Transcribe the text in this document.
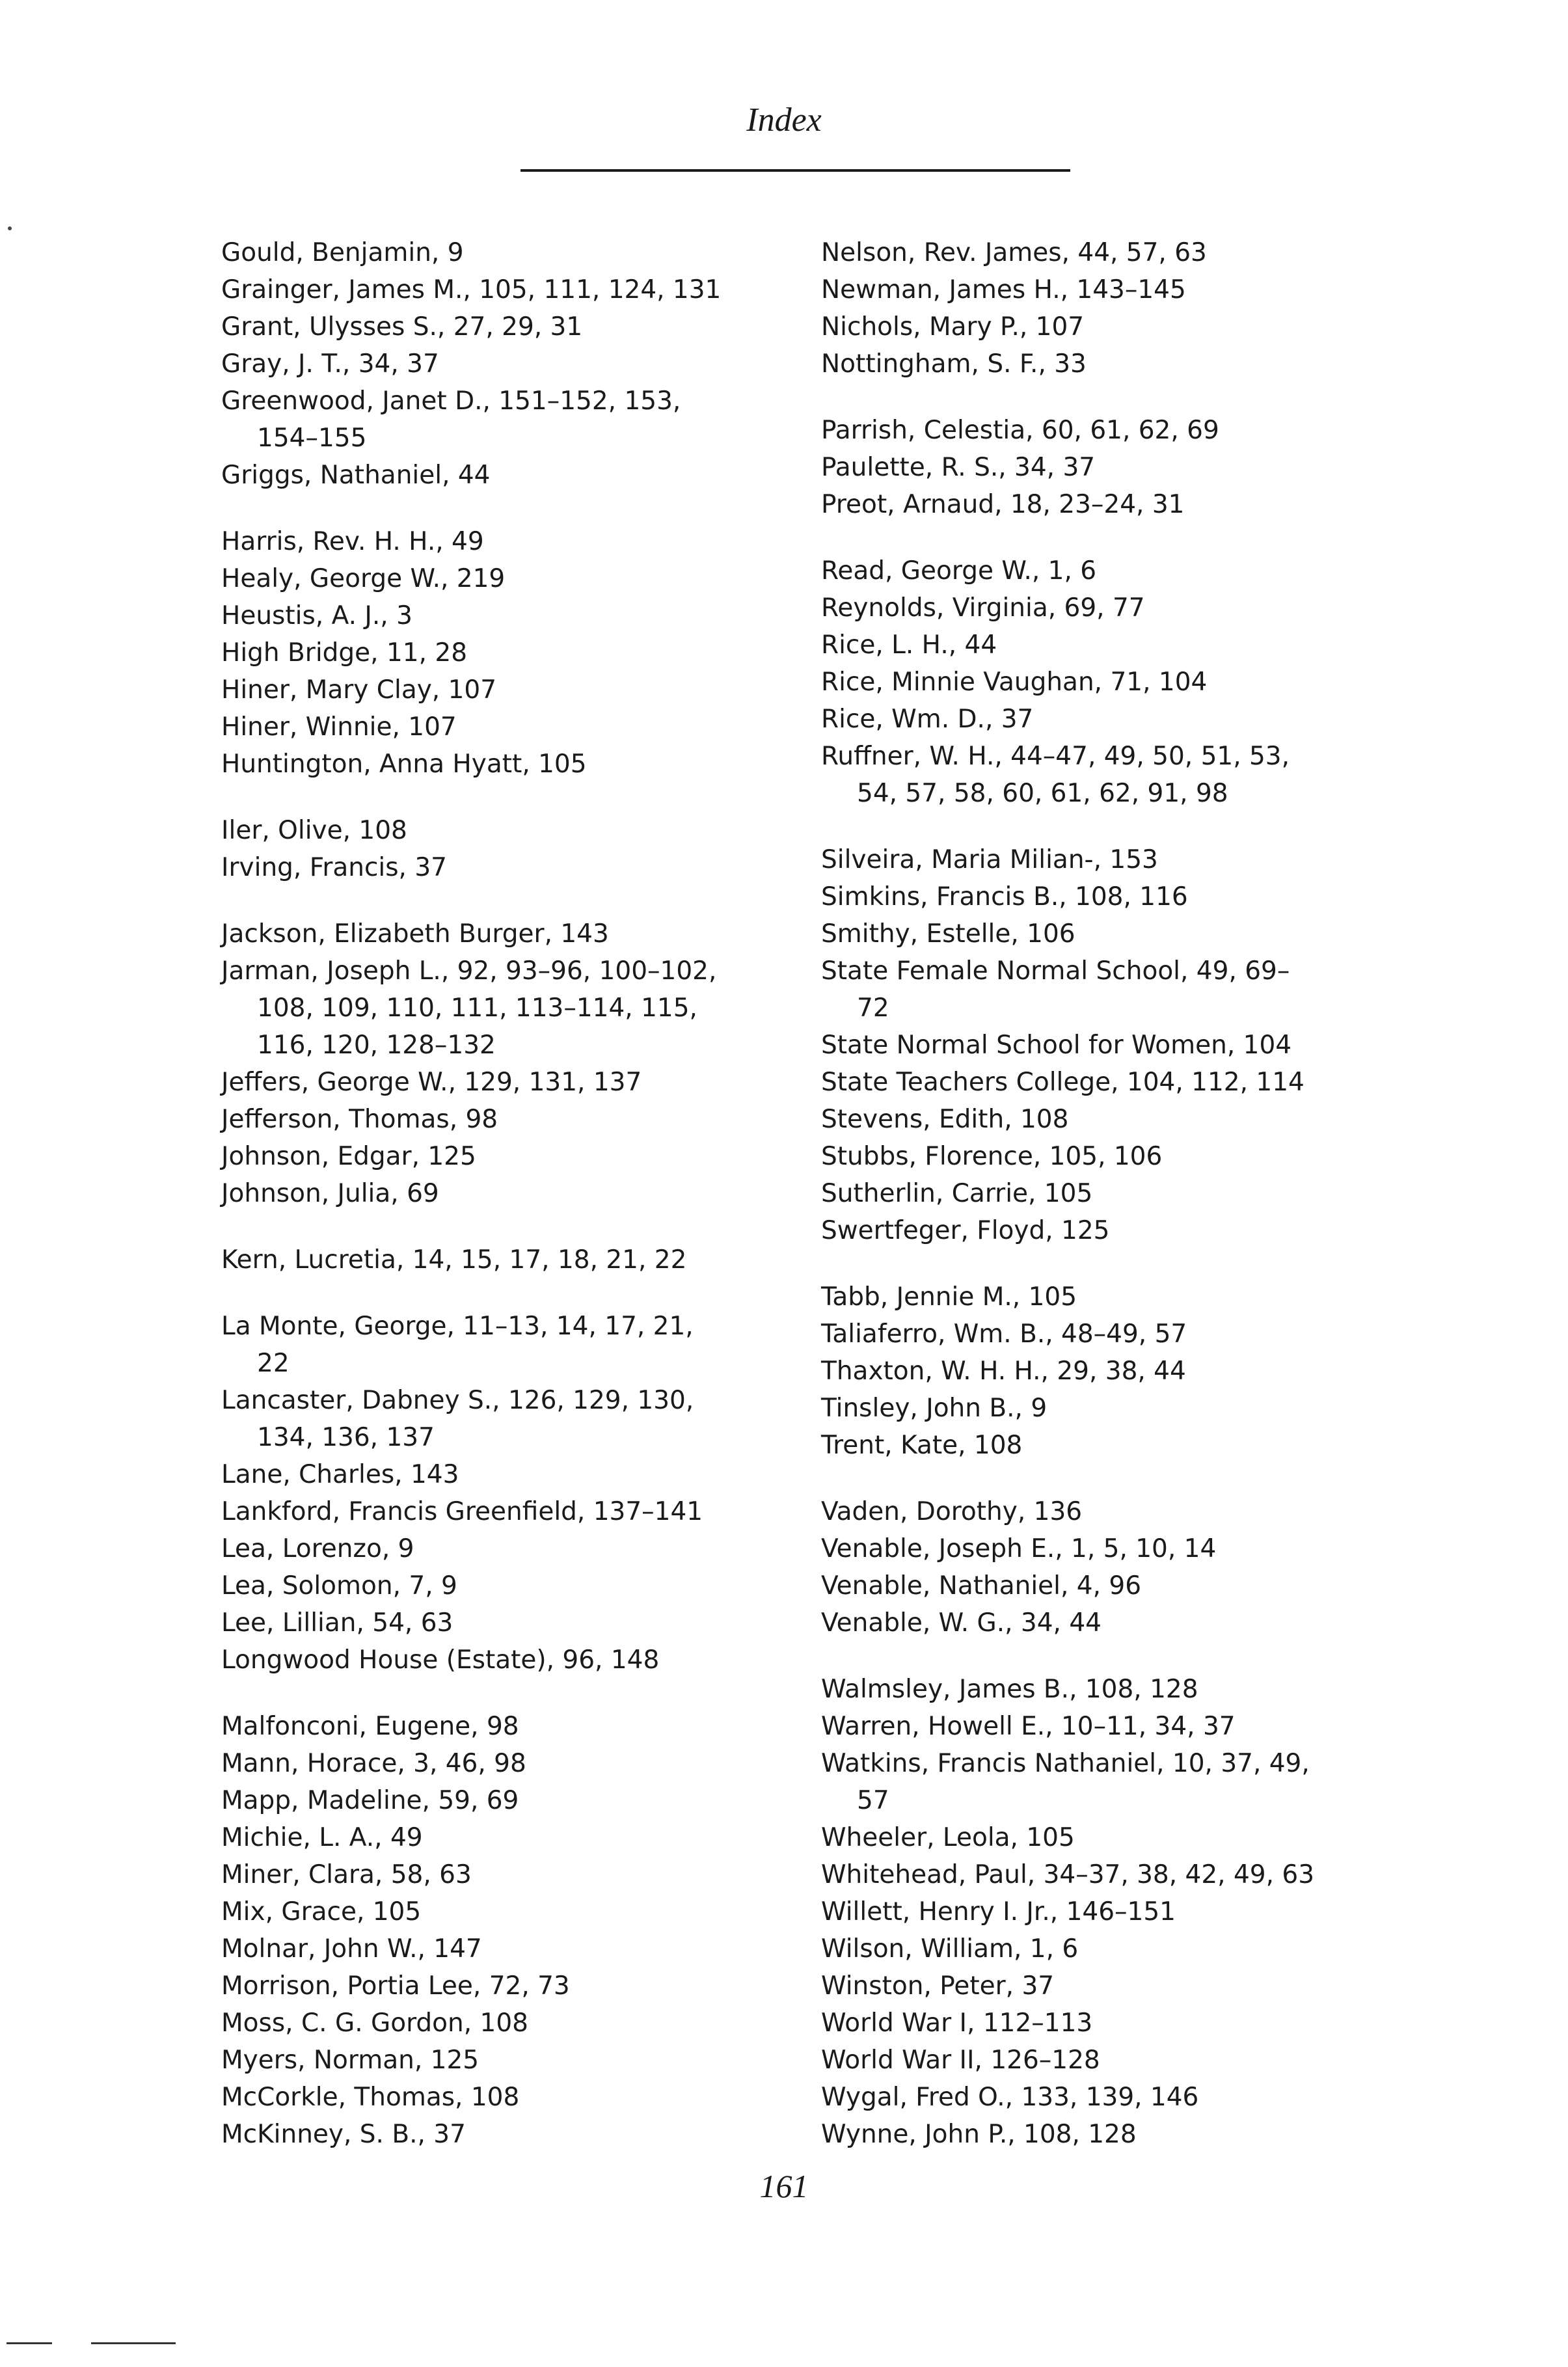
Index
Gould, Benjamin, 9
Grainger, James M., 105, 111, 124, 131
Grant, Ulysses S., 27, 29, 31
Gray, J. T., 34, 37
Greenwood, Janet D., 151–152, 153, 154–155
Griggs, Nathaniel, 44
Harris, Rev. H. H., 49
Healy, George W., 219
Heustis, A. J., 3
High Bridge, 11, 28
Hiner, Mary Clay, 107
Hiner, Winnie, 107
Huntington, Anna Hyatt, 105
Iler, Olive, 108
Irving, Francis, 37
Jackson, Elizabeth Burger, 143
Jarman, Joseph L., 92, 93–96, 100–102, 108, 109, 110, 111, 113–114, 115, 116, 120, 128–132
Jeffers, George W., 129, 131, 137
Jefferson, Thomas, 98
Johnson, Edgar, 125
Johnson, Julia, 69
Kern, Lucretia, 14, 15, 17, 18, 21, 22
La Monte, George, 11–13, 14, 17, 21, 22
Lancaster, Dabney S., 126, 129, 130, 134, 136, 137
Lane, Charles, 143
Lankford, Francis Greenfield, 137–141
Lea, Lorenzo, 9
Lea, Solomon, 7, 9
Lee, Lillian, 54, 63
Longwood House (Estate), 96, 148
Malfonconi, Eugene, 98
Mann, Horace, 3, 46, 98
Mapp, Madeline, 59, 69
Michie, L. A., 49
Miner, Clara, 58, 63
Mix, Grace, 105
Molnar, John W., 147
Morrison, Portia Lee, 72, 73
Moss, C. G. Gordon, 108
Myers, Norman, 125
McCorkle, Thomas, 108
McKinney, S. B., 37
Nelson, Rev. James, 44, 57, 63
Newman, James H., 143–145
Nichols, Mary P., 107
Nottingham, S. F., 33
Parrish, Celestia, 60, 61, 62, 69
Paulette, R. S., 34, 37
Preot, Arnaud, 18, 23–24, 31
Read, George W., 1, 6
Reynolds, Virginia, 69, 77
Rice, L. H., 44
Rice, Minnie Vaughan, 71, 104
Rice, Wm. D., 37
Ruffner, W. H., 44–47, 49, 50, 51, 53, 54, 57, 58, 60, 61, 62, 91, 98
Silveira, Maria Milian-, 153
Simkins, Francis B., 108, 116
Smithy, Estelle, 106
State Female Normal School, 49, 69–72
State Normal School for Women, 104
State Teachers College, 104, 112, 114
Stevens, Edith, 108
Stubbs, Florence, 105, 106
Sutherlin, Carrie, 105
Swertfeger, Floyd, 125
Tabb, Jennie M., 105
Taliaferro, Wm. B., 48–49, 57
Thaxton, W. H. H., 29, 38, 44
Tinsley, John B., 9
Trent, Kate, 108
Vaden, Dorothy, 136
Venable, Joseph E., 1, 5, 10, 14
Venable, Nathaniel, 4, 96
Venable, W. G., 34, 44
Walmsley, James B., 108, 128
Warren, Howell E., 10–11, 34, 37
Watkins, Francis Nathaniel, 10, 37, 49, 57
Wheeler, Leola, 105
Whitehead, Paul, 34–37, 38, 42, 49, 63
Willett, Henry I. Jr., 146–151
Wilson, William, 1, 6
Winston, Peter, 37
World War I, 112–113
World War II, 126–128
Wygal, Fred O., 133, 139, 146
Wynne, John P., 108, 128
161
